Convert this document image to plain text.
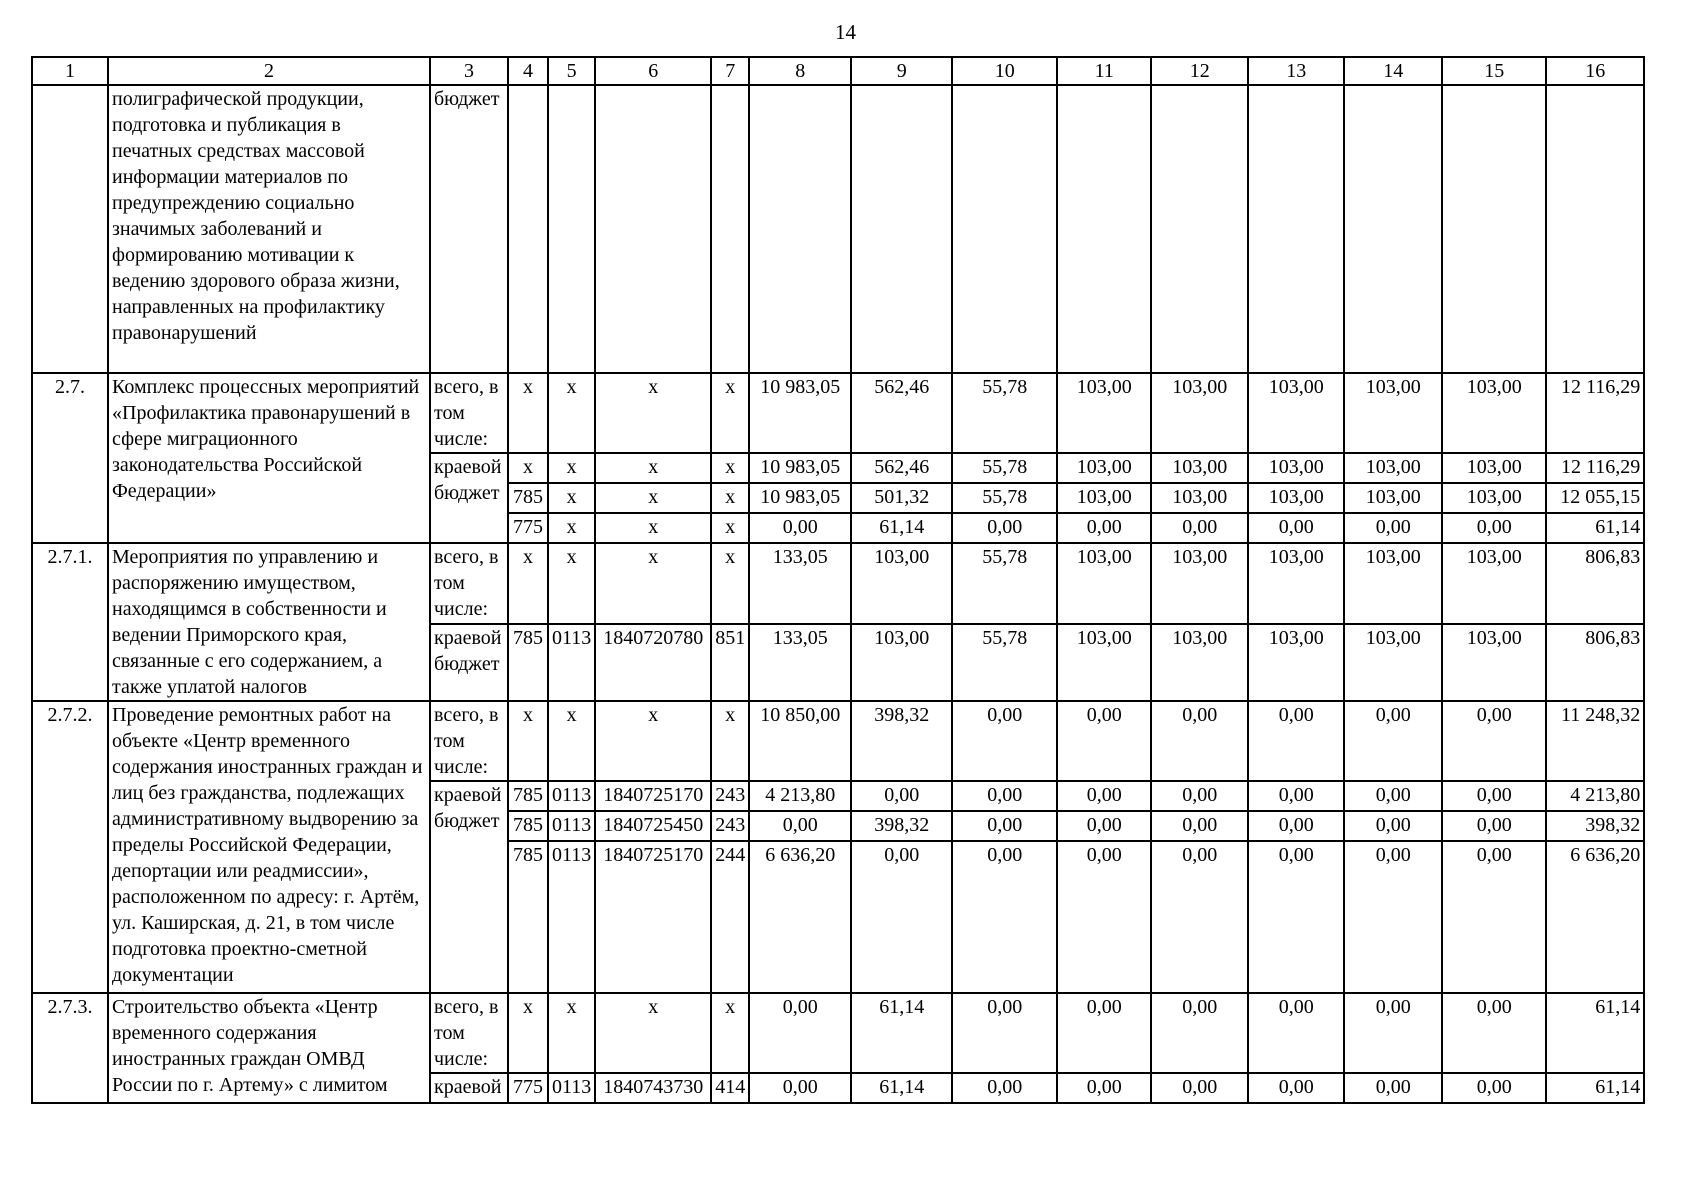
14
1	2	3	4	5	6	7	8	9	10	11	12	13	14	15	16
	полиграфической продукции, подготовка и публикация в печатных средствах массовой информации материалов по предупреждению социально значимых заболеваний и формированию мотивации к ведению здорового образа жизни, направленных на профилактику правонарушений	бюджет													
2.7.	Комплекс процессных мероприятий «Профилактика правонарушений в сфере миграционного законодательства Российской Федерации»	всего, в том числе:	х	х	х	х	10 983,05	562,46	55,78	103,00	103,00	103,00	103,00	103,00	12 116,29
		краевой бюджет	х	х	х	х	10 983,05	562,46	55,78	103,00	103,00	103,00	103,00	103,00	12 116,29
			785	х	х	х	10 983,05	501,32	55,78	103,00	103,00	103,00	103,00	103,00	12 055,15
			775	х	х	х	0,00	61,14	0,00	0,00	0,00	0,00	0,00	0,00	61,14
2.7.1.	Мероприятия по управлению и распоряжению имуществом, находящимся в собственности и ведении Приморского края, связанные с его содержанием, а также уплатой налогов	всего, в том числе:	х	х	х	х	133,05	103,00	55,78	103,00	103,00	103,00	103,00	103,00	806,83
		краевой бюджет	785	0113	1840720780	851	133,05	103,00	55,78	103,00	103,00	103,00	103,00	103,00	806,83
2.7.2.	Проведение ремонтных работ на объекте «Центр временного содержания иностранных граждан и лиц без гражданства, подлежащих административному выдворению за пределы Российской Федерации, депортации или реадмиссии», расположенном по адресу: г. Артём, ул. Каширская, д. 21, в том числе подготовка проектно-сметной документации	всего, в том числе:	х	х	х	х	10 850,00	398,32	0,00	0,00	0,00	0,00	0,00	0,00	11 248,32
		краевой бюджет	785	0113	1840725170	243	4 213,80	0,00	0,00	0,00	0,00	0,00	0,00	0,00	4 213,80
			785	0113	1840725450	243	0,00	398,32	0,00	0,00	0,00	0,00	0,00	0,00	398,32
			785	0113	1840725170	244	6 636,20	0,00	0,00	0,00	0,00	0,00	0,00	0,00	6 636,20
2.7.3.	Строительство объекта «Центр временного содержания иностранных граждан ОМВД России по г. Артему» с лимитом	всего, в том числе:	х	х	х	х	0,00	61,14	0,00	0,00	0,00	0,00	0,00	0,00	61,14
		краевой	775	0113	1840743730	414	0,00	61,14	0,00	0,00	0,00	0,00	0,00	0,00	61,14
